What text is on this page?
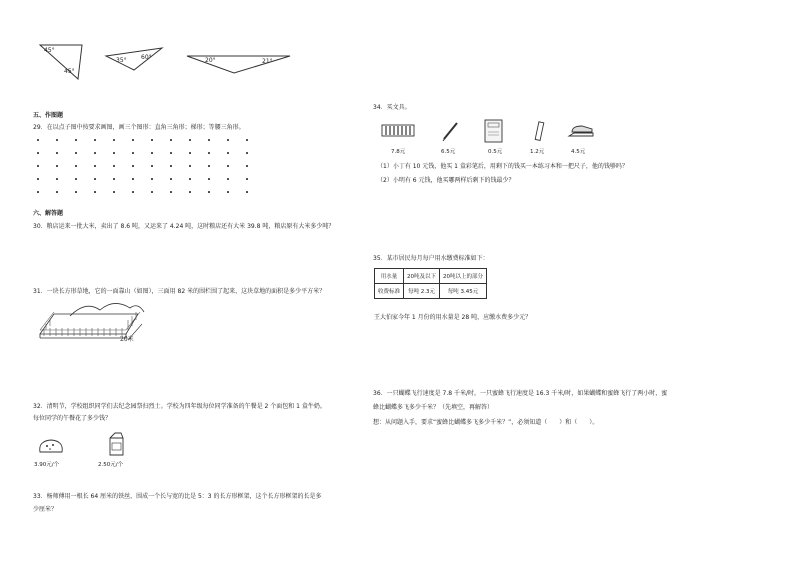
45°
45°
35° 60°	20°	21°
五、作图题
29．在以点子图中按要求画图，画三个图形：直角三角形；梯形；等腰三角形。
六、解答题
30．粮店运来一批大米，卖出了 8.6 吨，又运来了 4.24 吨，这时粮店还有大米 39.8 吨，粮店原有大米多少吨？
31．一块长方形草地，它的一面靠山（如图），三面用 82 米的围栏围了起来，这块草地的面积是多少平方米？
20米
32．清明节，学校组织同学们去纪念园祭扫烈士。学校为四年级每位同学准备的午餐是 2 个面包和 1 盒牛奶。
每位同学的午餐花了多少钱？
3.90元/个	2.50元/个
33．杨师傅用一根长 64 厘米的铁丝，围成一个长与宽的比是 5：3 的长方形框架，这个长方形框架的长是多
少厘米？
34．买文具。
7.8元	6.5元	0.5元	1.2元	4.5元
（1）小丁有 10 元钱，他买 1 盒彩笔后，用剩下的钱买一本练习本和一把尺子，他的钱够吗？
（2）小明有 6 元钱，他买哪两样后剩下的钱最少？
35．某市居民每月每户用水缴费标准如下：
用水量	20吨及以下	20吨以上的部分
收费标准	每吨 2.3元	每吨 3.45元
王大伯家今年 1 月份的用水量是 28 吨，应缴水费多少元？
36．一只蝴蝶飞行速度是 7.8 千米/时，一只蜜蜂飞行速度是 16.3 千米/时，如果蝴蝶和蜜蜂飞行了两小时，蜜
蜂比蝴蝶多飞多少千米？（先填空，再解答）
想：从问题入手，要求“蜜蜂比蝴蝶多飞多少千米？”，必须知道（　　）和（　　）。
